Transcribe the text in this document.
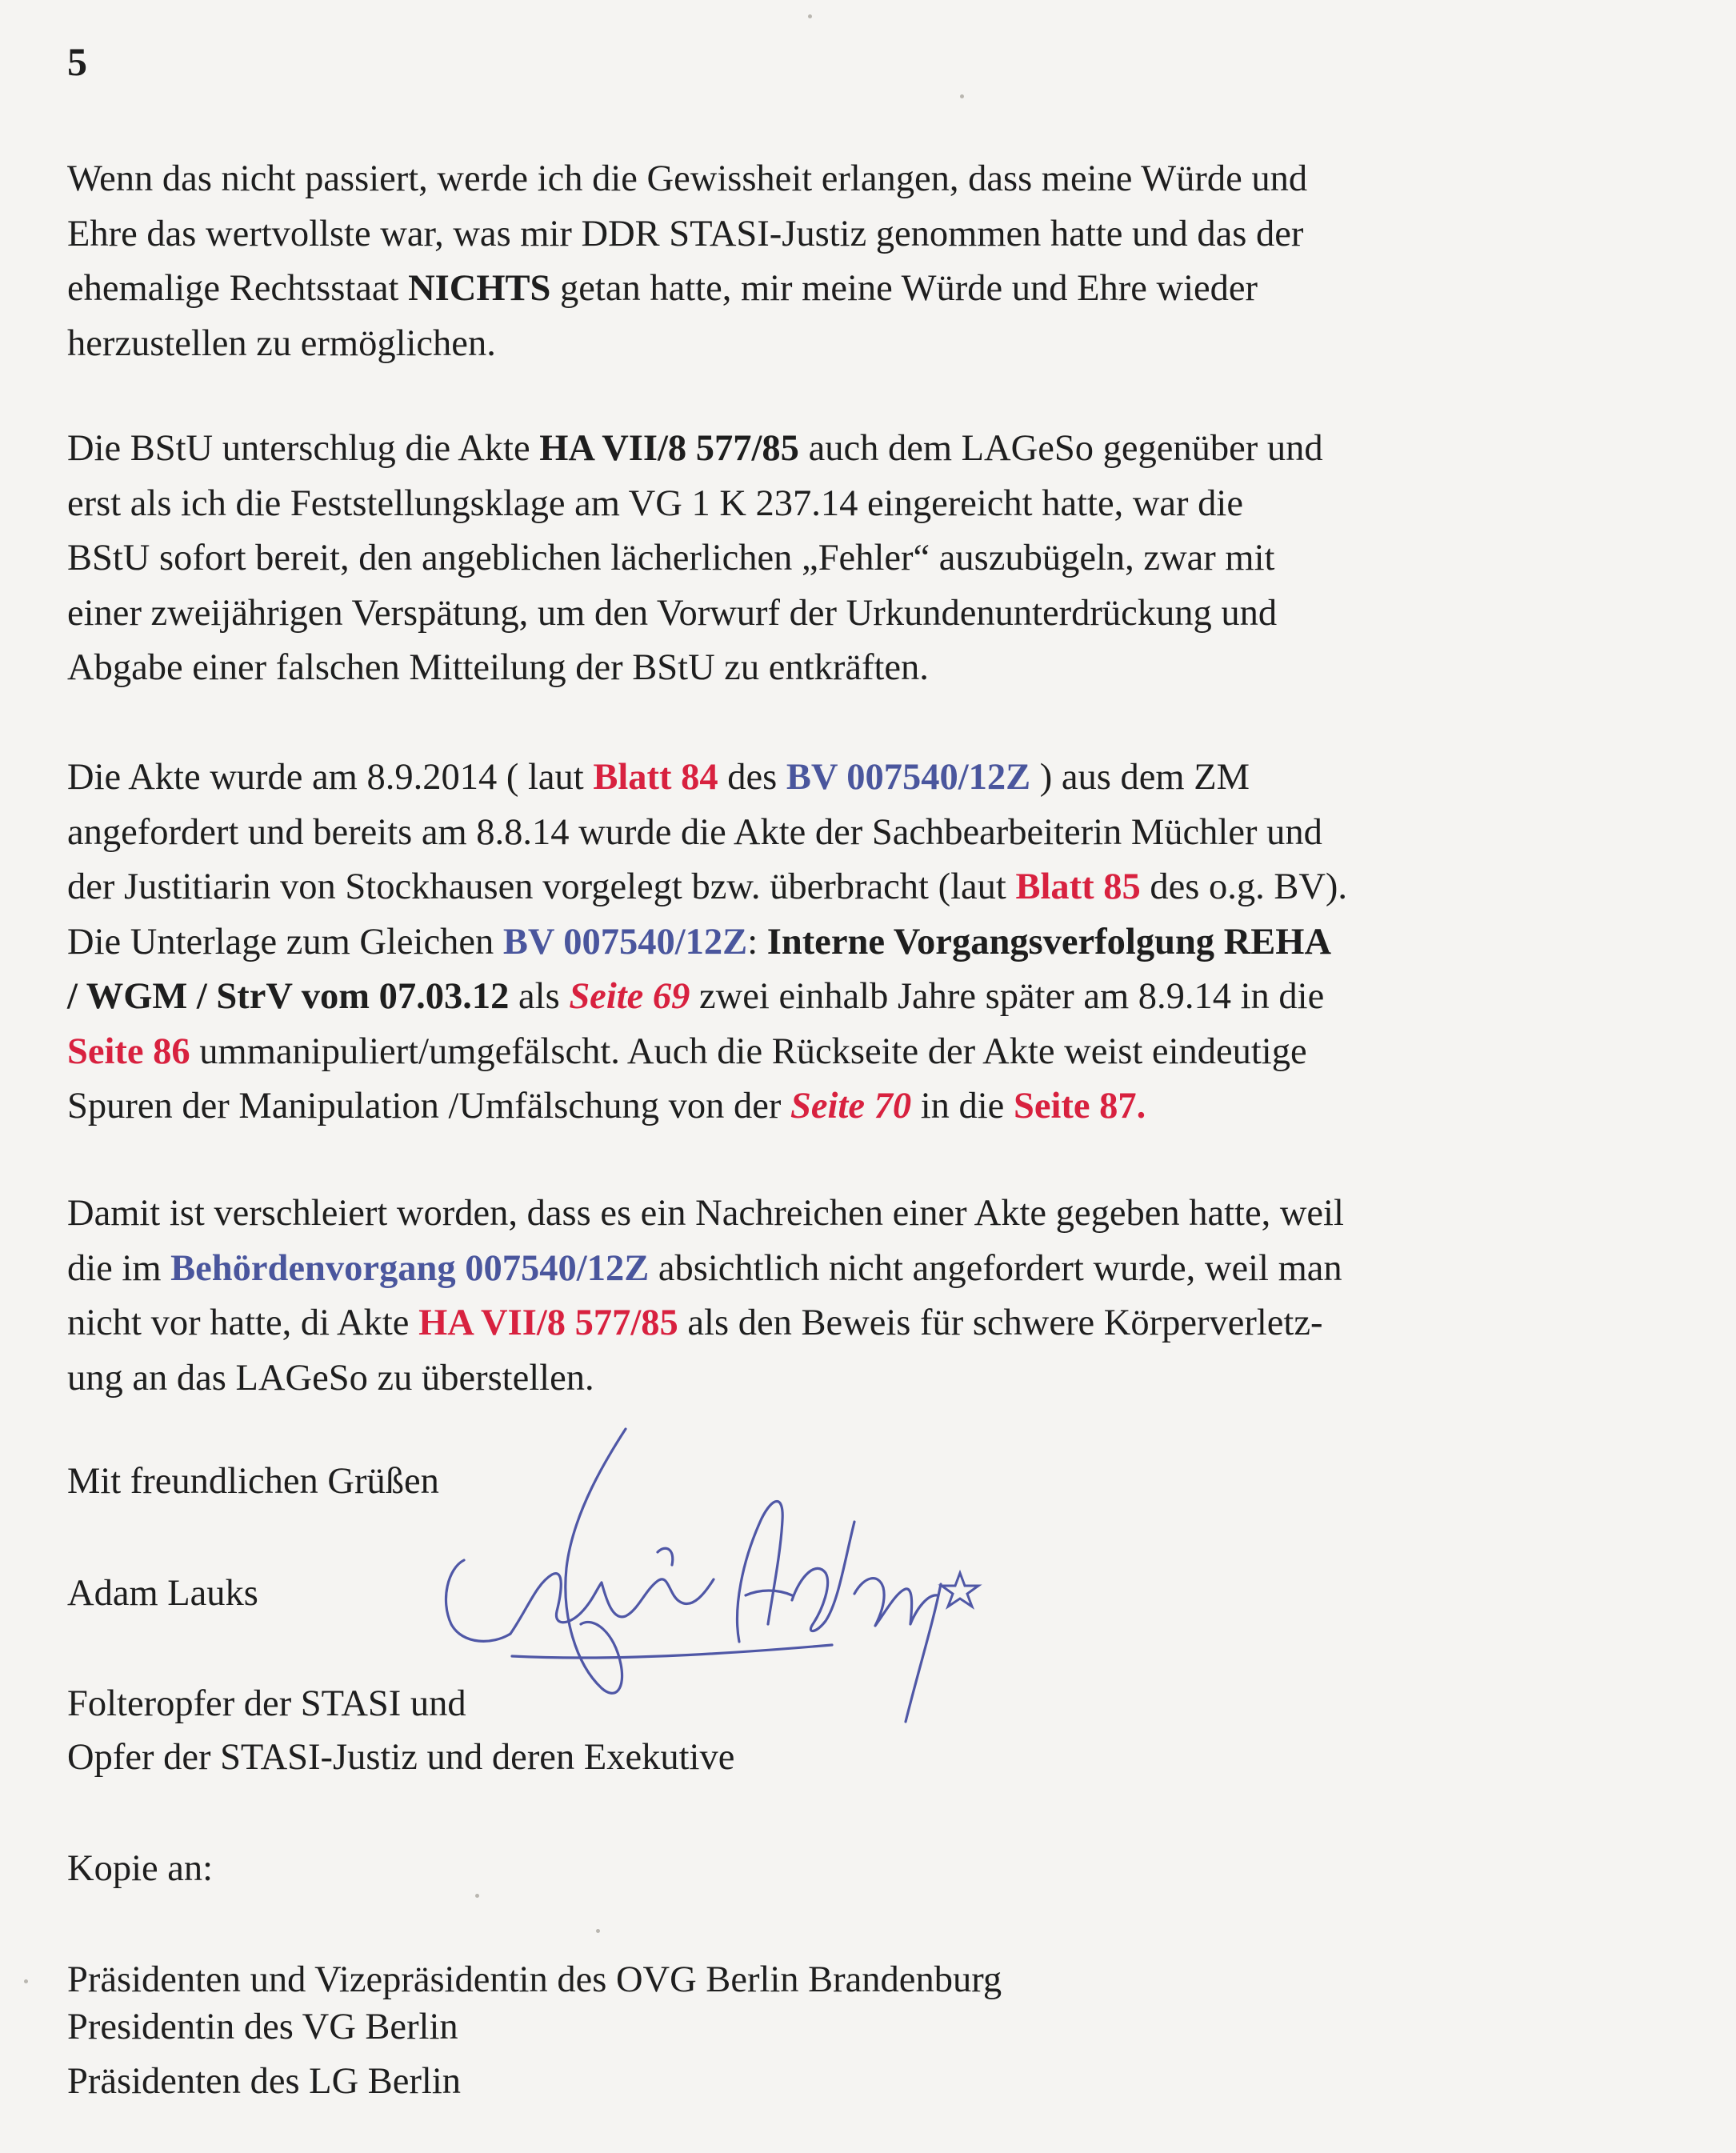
5

Wenn das nicht passiert, werde ich die Gewissheit erlangen, dass meine Würde und
Ehre das wertvollste war, was mir DDR STASI-Justiz genommen hatte und das der
ehemalige Rechtsstaat NICHTS getan hatte, mir meine Würde und Ehre wieder
herzustellen zu ermöglichen.

Die BStU unterschlug die Akte HA VII/8 577/85 auch dem LAGeSo gegenüber und
erst als ich die Feststellungsklage am VG 1 K 237.14 eingereicht hatte, war die
BStU sofort bereit, den angeblichen lächerlichen „Fehler“ auszubügeln, zwar mit
einer zweijährigen Verspätung, um den Vorwurf der Urkundenunterdrückung und
Abgabe einer falschen Mitteilung der BStU zu entkräften.

Die Akte wurde am 8.9.2014 ( laut Blatt 84 des BV 007540/12Z ) aus dem ZM
angefordert und bereits am 8.8.14 wurde die Akte der Sachbearbeiterin Müchler und
der Justitiarin von Stockhausen vorgelegt bzw. überbracht (laut Blatt 85 des o.g. BV).
Die Unterlage zum Gleichen BV 007540/12Z: Interne Vorgangsverfolgung REHA
/ WGM / StrV vom 07.03.12 als Seite 69 zwei einhalb Jahre später am 8.9.14 in die
Seite 86 ummanipuliert/umgefälscht. Auch die Rückseite der Akte weist eindeutige
Spuren der Manipulation /Umfälschung von der Seite 70 in die Seite 87.

Damit ist verschleiert worden, dass es ein Nachreichen einer Akte gegeben hatte, weil
die im Behördenvorgang 007540/12Z absichtlich nicht angefordert wurde, weil man
nicht vor hatte, di Akte HA VII/8 577/85 als den Beweis für schwere Körperverletz-
ung an das LAGeSo zu überstellen.

Mit freundlichen Grüßen

Adam Lauks

Folteropfer der STASI und

Opfer der STASI-Justiz und deren Exekutive

Kopie an:

Präsidenten und Vizepräsidentin des OVG Berlin Brandenburg

Presidentin des VG Berlin

Präsidenten des LG Berlin
